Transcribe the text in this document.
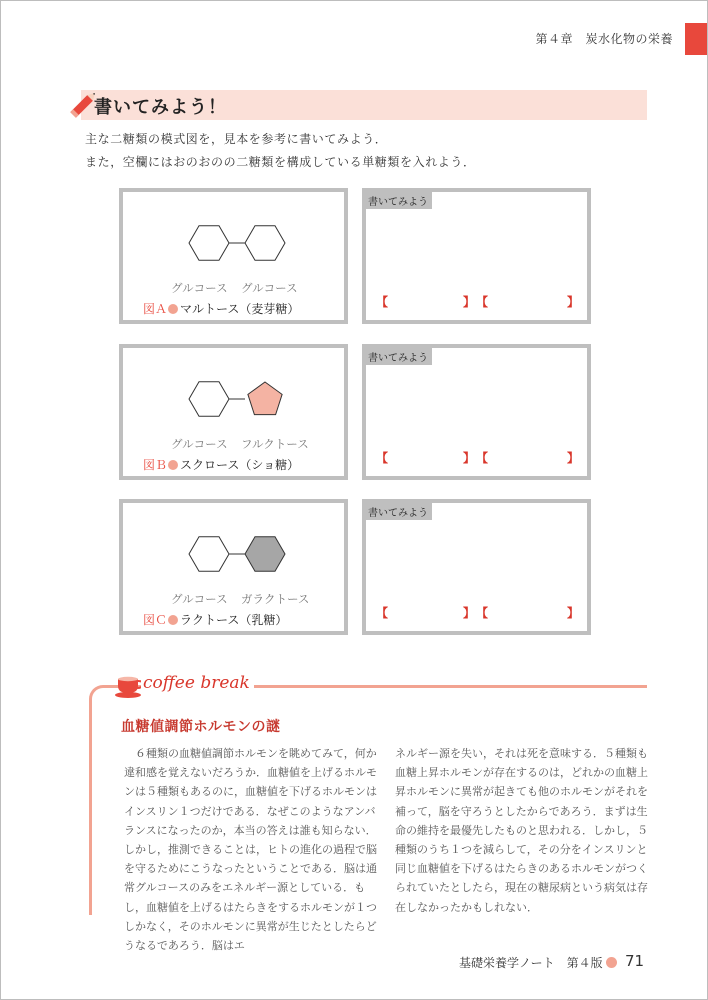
第４章　炭水化物の栄養
書いてみよう！
主な二糖類の模式図を，見本を参考に書いてみよう．
また，空欄にはおのおのの二糖類を構成している単糖類を入れよう．
グルコース グルコース
図Ａ マルトース（麦芽糖）
書いてみよう
【	】 【	】
グルコース フルクトース
図Ｂ スクロース（ショ糖）
書いてみよう
【	】 【	】
グルコース ガラクトース
図Ｃ ラクトース（乳糖）
書いてみよう
【	】 【	】
coffee break
血糖値調節ホルモンの謎

６種類の血糖値調節ホルモンを眺めてみて，何か違和感を覚えないだろうか．血糖値を上げるホルモンは５種類もあるのに，血糖値を下げるホルモンはインスリン１つだけである．なぜこのようなアンバランスになったのか，本当の答えは誰も知らない．しかし，推測できることは，ヒトの進化の過程で脳を守るためにこうなったということである．脳は通常グルコースのみをエネルギー源としている．もし，血糖値を上げるはたらきをするホルモンが１つしかなく，そのホルモンに異常が生じたとしたらどうなるであろう．脳はエ

ネルギー源を失い，それは死を意味する．５種類も血糖上昇ホルモンが存在するのは，どれかの血糖上昇ホルモンに異常が起きても他のホルモンがそれを補って，脳を守ろうとしたからであろう．まずは生命の維持を最優先したものと思われる．しかし，５種類のうち１つを減らして，その分をインスリンと同じ血糖値を下げるはたらきのあるホルモンがつくられていたとしたら，現在の糖尿病という病気は存在しなかったかもしれない．
基礎栄養学ノート　第４版	71
